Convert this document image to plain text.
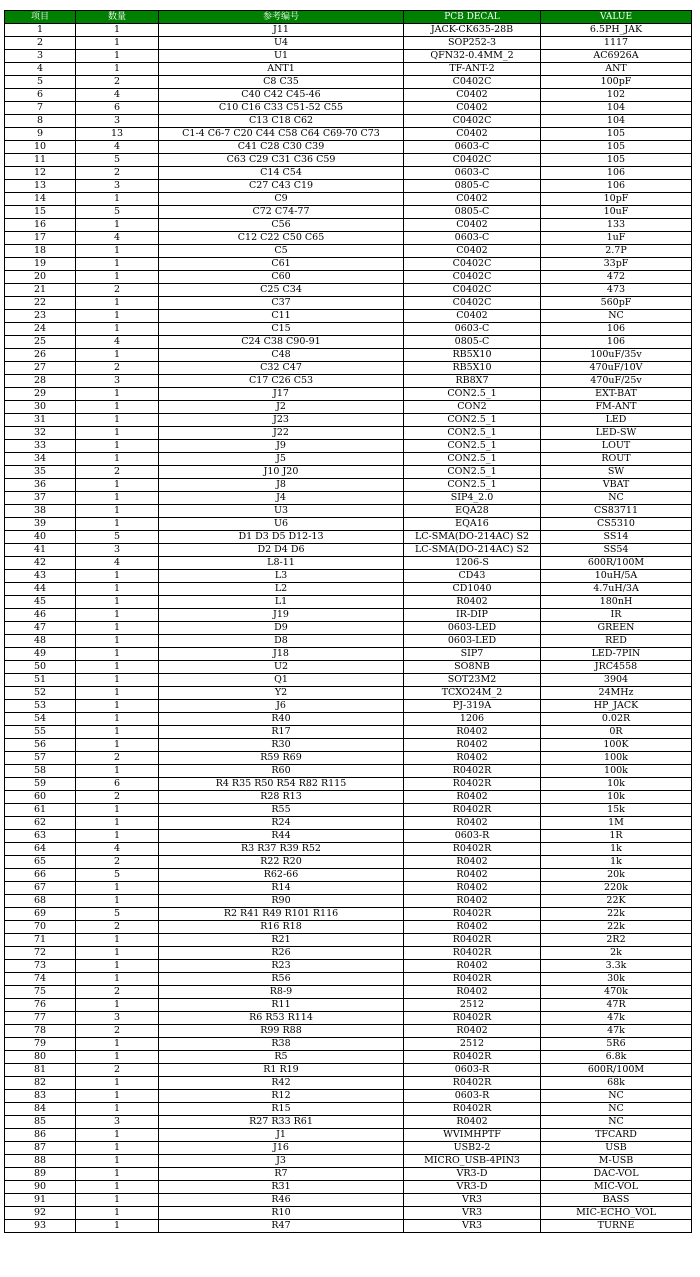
项目	数量	参考编号	PCB DECAL	VALUE
1	1	J11	JACK-CK635-28B	6.5PH_JAK
2	1	U4	SOP252-3	1117
3	1	U1	QFN32-0.4MM_2	AC6926A
4	1	ANT1	TF-ANT-2	ANT
5	2	C8 C35	C0402C	100pF
6	4	C40 C42 C45-46	C0402	102
7	6	C10 C16 C33 C51-52 C55	C0402	104
8	3	C13 C18 C62	C0402C	104
9	13	C1-4 C6-7 C20 C44 C58 C64 C69-70 C73	C0402	105
10	4	C41 C28 C30 C39	0603-C	105
11	5	C63 C29 C31 C36 C59	C0402C	105
12	2	C14 C54	0603-C	106
13	3	C27 C43 C19	0805-C	106
14	1	C9	C0402	10pF
15	5	C72 C74-77	0805-C	10uF
16	1	C56	C0402	133
17	4	C12 C22 C50 C65	0603-C	1uF
18	1	C5	C0402	2.7P
19	1	C61	C0402C	33pF
20	1	C60	C0402C	472
21	2	C25 C34	C0402C	473
22	1	C37	C0402C	560pF
23	1	C11	C0402	NC
24	1	C15	0603-C	106
25	4	C24 C38 C90-91	0805-C	106
26	1	C48	RB5X10	100uF/35v
27	2	C32 C47	RB5X10	470uF/10V
28	3	C17 C26 C53	RB8X7	470uF/25v
29	1	J17	CON2.5_1	EXT-BAT
30	1	J2	CON2	FM-ANT
31	1	J23	CON2.5_1	LED
32	1	J22	CON2.5_1	LED-SW
33	1	J9	CON2.5_1	LOUT
34	1	J5	CON2.5_1	ROUT
35	2	J10 J20	CON2.5_1	SW
36	1	J8	CON2.5_1	VBAT
37	1	J4	SIP4_2.0	NC
38	1	U3	EQA28	CS83711
39	1	U6	EQA16	CS5310
40	5	D1 D3 D5 D12-13	LC-SMA(DO-214AC) S2	SS14
41	3	D2 D4 D6	LC-SMA(DO-214AC) S2	SS54
42	4	L8-11	1206-S	600R/100M
43	1	L3	CD43	10uH/5A
44	1	L2	CD1040	4.7uH/3A
45	1	L1	R0402	180nH
46	1	J19	IR-DIP	IR
47	1	D9	0603-LED	GREEN
48	1	D8	0603-LED	RED
49	1	J18	SIP7	LED-7PIN
50	1	U2	SO8NB	JRC4558
51	1	Q1	SOT23M2	3904
52	1	Y2	TCXO24M_2	24MHz
53	1	J6	PJ-319A	HP_JACK
54	1	R40	1206	0.02R
55	1	R17	R0402	0R
56	1	R30	R0402	100K
57	2	R59 R69	R0402	100k
58	1	R60	R0402R	100k
59	6	R4 R35 R50 R54 R82 R115	R0402R	10k
60	2	R28 R13	R0402	10k
61	1	R55	R0402R	15k
62	1	R24	R0402	1M
63	1	R44	0603-R	1R
64	4	R3 R37 R39 R52	R0402R	1k
65	2	R22 R20	R0402	1k
66	5	R62-66	R0402	20k
67	1	R14	R0402	220k
68	1	R90	R0402	22K
69	5	R2 R41 R49 R101 R116	R0402R	22k
70	2	R16 R18	R0402	22k
71	1	R21	R0402R	2R2
72	1	R26	R0402R	2k
73	1	R23	R0402	3.3k
74	1	R56	R0402R	30k
75	2	R8-9	R0402	470k
76	1	R11	2512	47R
77	3	R6 R53 R114	R0402R	47k
78	2	R99 R88	R0402	47k
79	1	R38	2512	5R6
80	1	R5	R0402R	6.8k
81	2	R1 R19	0603-R	600R/100M
82	1	R42	R0402R	68k
83	1	R12	0603-R	NC
84	1	R15	R0402R	NC
85	3	R27 R33 R61	R0402	NC
86	1	J1	WVIMHPTF	TFCARD
87	1	J16	USB2-2	USB
88	1	J3	MICRO_USB-4PIN3	M-USB
89	1	R7	VR3-D	DAC-VOL
90	1	R31	VR3-D	MIC-VOL
91	1	R46	VR3	BASS
92	1	R10	VR3	MIC-ECHO_VOL
93	1	R47	VR3	TURNE
